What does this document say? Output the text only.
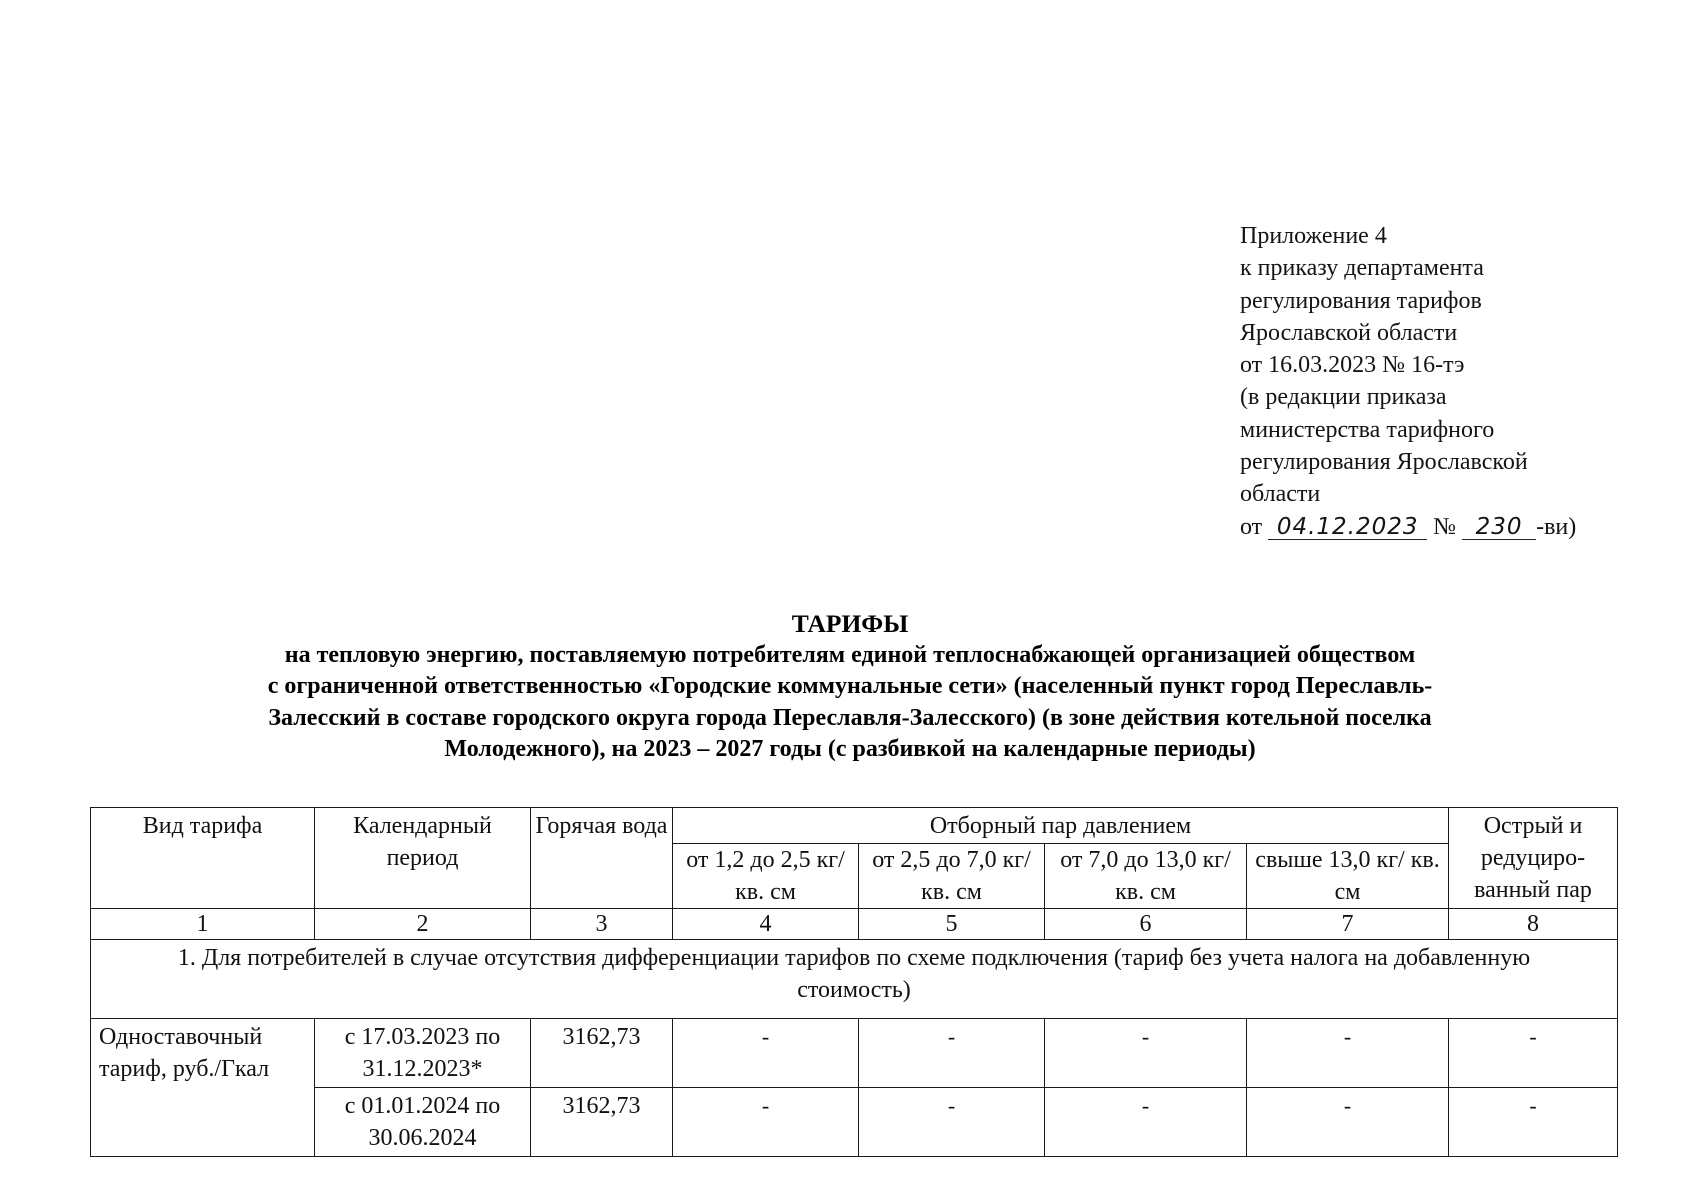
Приложение 4
к приказу департамента
регулирования тарифов
Ярославской области
от 16.03.2023 № 16-тэ
(в редакции приказа
министерства тарифного
регулирования Ярославской
области
от 04.12.2023 № 230 -ви)
ТАРИФЫ
на тепловую энергию, поставляемую потребителям единой теплоснабжающей организацией обществом
с ограниченной ответственностью «Городские коммунальные сети» (населенный пункт город Переславль-
Залесский в составе городского округа города Переславля-Залесского) (в зоне действия котельной поселка
Молодежного), на 2023 – 2027 годы (с разбивкой на календарные периоды)
Вид тарифа	Календарный период	Горячая вода	Отборный пар давлением				Острый и редуциро-ванный пар
			от 1,2 до 2,5 кг/ кв. см	от 2,5 до 7,0 кг/ кв. см	от 7,0 до 13,0 кг/ кв. см	свыше 13,0 кг/ кв. см	
1	2	3	4	5	6	7	8
1. Для потребителей в случае отсутствия дифференциации тарифов по схеме подключения (тариф без учета налога на добавленную стоимость)							
Одноставочный тариф, руб./Гкал	с 17.03.2023 по 31.12.2023*	3162,73	-	-	-	-	-
	с 01.01.2024 по 30.06.2024	3162,73	-	-	-	-	-
